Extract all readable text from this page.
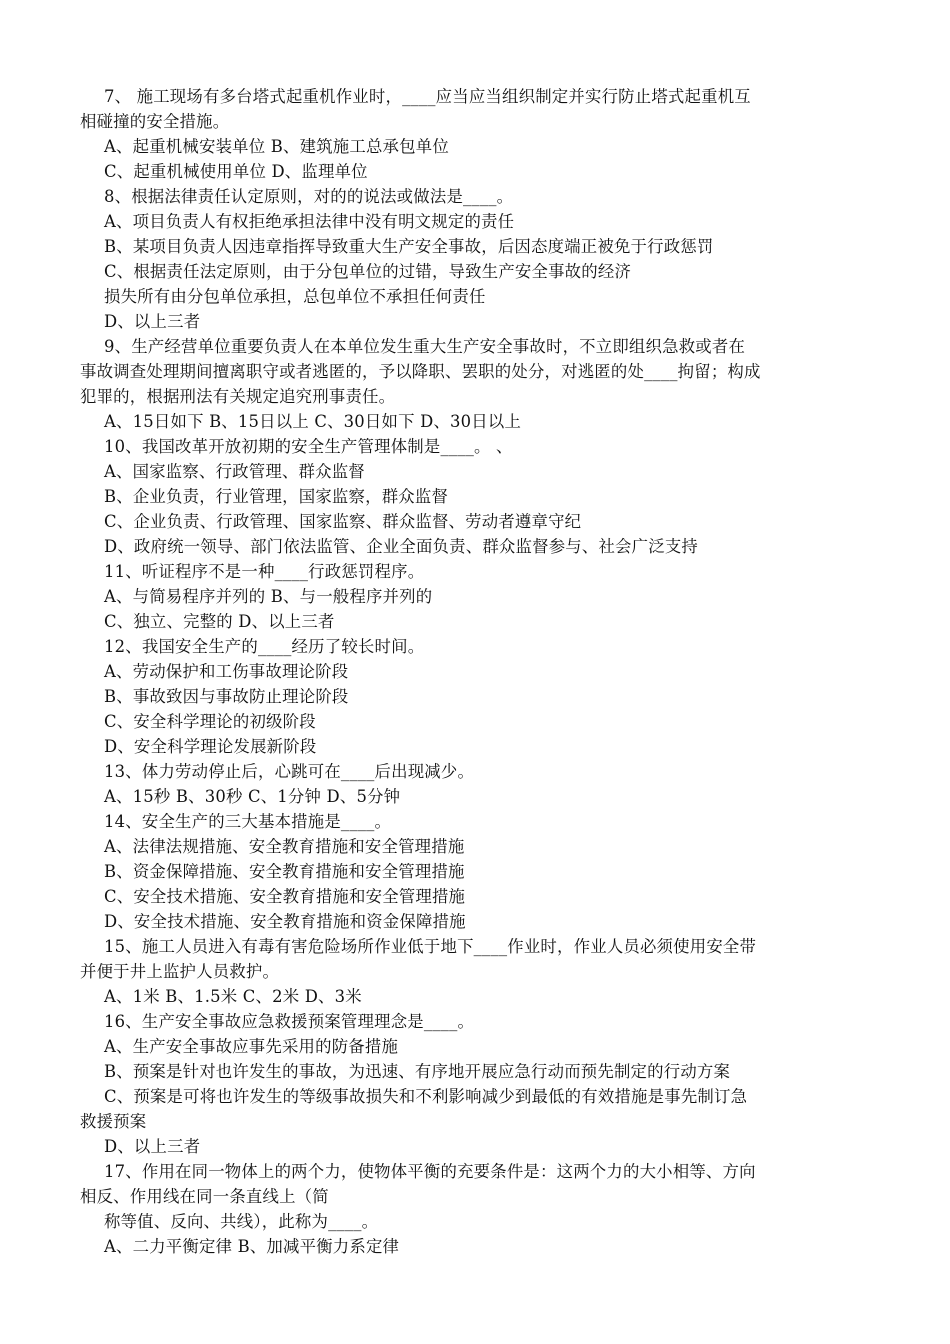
7、 施工现场有多台塔式起重机作业时，____应当应当组织制定并实行防止塔式起重机互
相碰撞的安全措施。
A、起重机械安装单位 B、建筑施工总承包单位
C、起重机械使用单位 D、监理单位
8、根据法律责任认定原则，对的的说法或做法是____。
A、项目负责人有权拒绝承担法律中没有明文规定的责任
B、某项目负责人因违章指挥导致重大生产安全事故，后因态度端正被免于行政惩罚
C、根据责任法定原则，由于分包单位的过错，导致生产安全事故的经济
损失所有由分包单位承担，总包单位不承担任何责任
D、以上三者
9、生产经营单位重要负责人在本单位发生重大生产安全事故时，不立即组织急救或者在
事故调查处理期间擅离职守或者逃匿的，予以降职、罢职的处分，对逃匿的处____拘留；构成
犯罪的，根据刑法有关规定追究刑事责任。
A、15日如下 B、15日以上 C、30日如下 D、30日以上
10、我国改革开放初期的安全生产管理体制是____。 、
A、国家监察、行政管理、群众监督
B、企业负责，行业管理，国家监察，群众监督
C、企业负责、行政管理、国家监察、群众监督、劳动者遵章守纪
D、政府统一领导、部门依法监管、企业全面负责、群众监督参与、社会广泛支持
11、听证程序不是一种____行政惩罚程序。
A、与简易程序并列的 B、与一般程序并列的
C、独立、完整的 D、以上三者
12、我国安全生产的____经历了较长时间。
A、劳动保护和工伤事故理论阶段
B、事故致因与事故防止理论阶段
C、安全科学理论的初级阶段
D、安全科学理论发展新阶段
13、体力劳动停止后，心跳可在____后出现减少。
A、15秒 B、30秒 C、1分钟 D、5分钟
14、安全生产的三大基本措施是____。
A、法律法规措施、安全教育措施和安全管理措施
B、资金保障措施、安全教育措施和安全管理措施
C、安全技术措施、安全教育措施和安全管理措施
D、安全技术措施、安全教育措施和资金保障措施
15、施工人员进入有毒有害危险场所作业低于地下____作业时，作业人员必须使用安全带
并便于井上监护人员救护。
A、1米 B、1.5米 C、2米 D、3米
16、生产安全事故应急救援预案管理理念是____。
A、生产安全事故应事先采用的防备措施
B、预案是针对也许发生的事故，为迅速、有序地开展应急行动而预先制定的行动方案
C、预案是可将也许发生的等级事故损失和不利影响减少到最低的有效措施是事先制订急
救援预案
D、以上三者
17、作用在同一物体上的两个力，使物体平衡的充要条件是：这两个力的大小相等、方向
相反、作用线在同一条直线上（简
称等值、反向、共线），此称为____。
A、二力平衡定律 B、加减平衡力系定律
